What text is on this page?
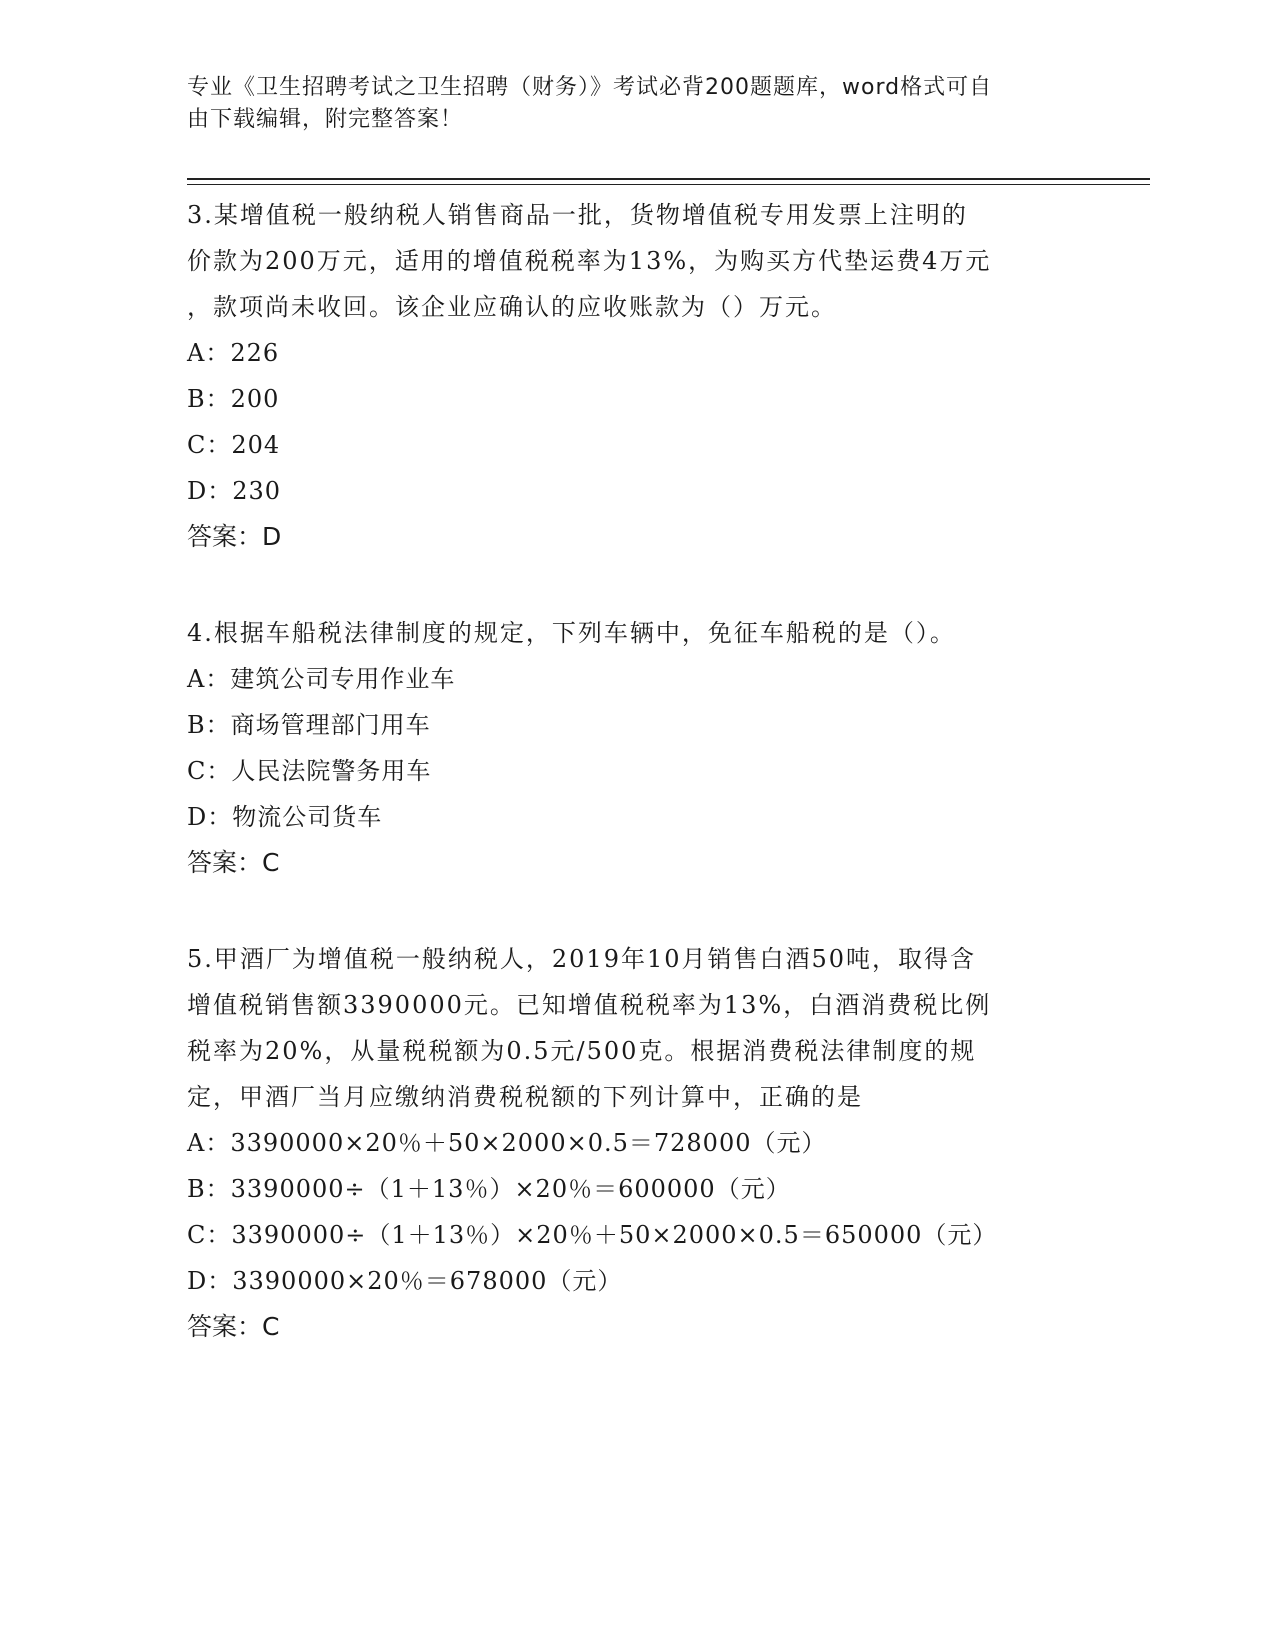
专业《卫生招聘考试之卫生招聘（财务）》考试必背200题题库，word格式可自
由下载编辑，附完整答案！
3.某增值税一般纳税人销售商品一批，货物增值税专用发票上注明的
价款为200万元，适用的增值税税率为13%，为购买方代垫运费4万元
，款项尚未收回。该企业应确认的应收账款为（）万元。
A：226
B：200
C：204
D：230
答案：D
4.根据车船税法律制度的规定，下列车辆中，免征车船税的是（）。
A：建筑公司专用作业车
B：商场管理部门用车
C：人民法院警务用车
D：物流公司货车
答案：C
5.甲酒厂为增值税一般纳税人，2019年10月销售白酒50吨，取得含
增值税销售额3390000元。已知增值税税率为13%，白酒消费税比例
税率为20%，从量税税额为0.5元/500克。根据消费税法律制度的规
定，甲酒厂当月应缴纳消费税税额的下列计算中，正确的是
A：3390000×20％＋50×2000×0.5＝728000（元）
B：3390000÷（1＋13％）×20％＝600000（元）
C：3390000÷（1＋13％）×20％＋50×2000×0.5＝650000（元）
D：3390000×20％＝678000（元）
答案：C
